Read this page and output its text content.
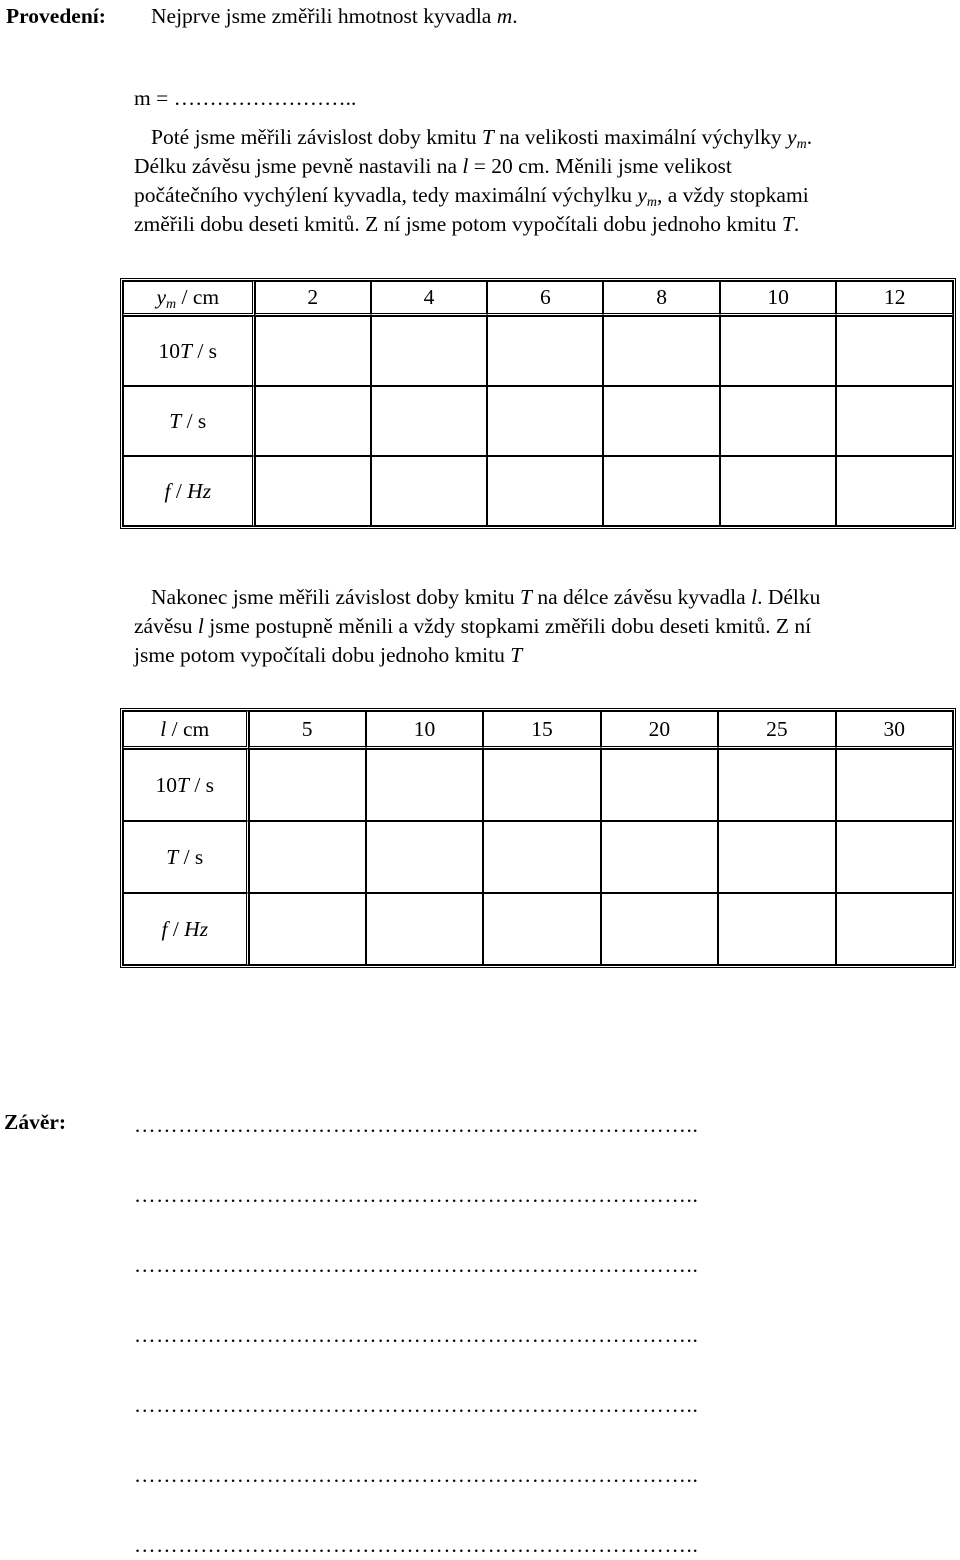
Provedení: Nejprve jsme změřili hmotnost kyvadla m.
m = ……………………..
Poté jsme měřili závislost doby kmitu T na velikosti maximální výchylky $y_m$.
Délku závěsu jsme pevně nastavili na l = 20 cm. Měnili jsme velikost
počátečního vychýlení kyvadla, tedy maximální výchylku $y_m$, a vždy stopkami
změřili dobu deseti kmitů. Z ní jsme potom vypočítali dobu jednoho kmitu T.
$y_m$ / cm	2	4	6	8	10	12
10T / s						
T / s						
f / Hz						
Nakonec jsme měřili závislost doby kmitu T na délce závěsu kyvadla l. Délku
závěsu l jsme postupně měnili a vždy stopkami změřili dobu deseti kmitů. Z ní
jsme potom vypočítali dobu jednoho kmitu T
l / cm	5	10	15	20	25	30
10T / s						
T / s						
f / Hz						
Závěr:	…………………………………………………………………..
…………………………………………………………………..
…………………………………………………………………..
…………………………………………………………………..
…………………………………………………………………..
…………………………………………………………………..
…………………………………………………………………..
